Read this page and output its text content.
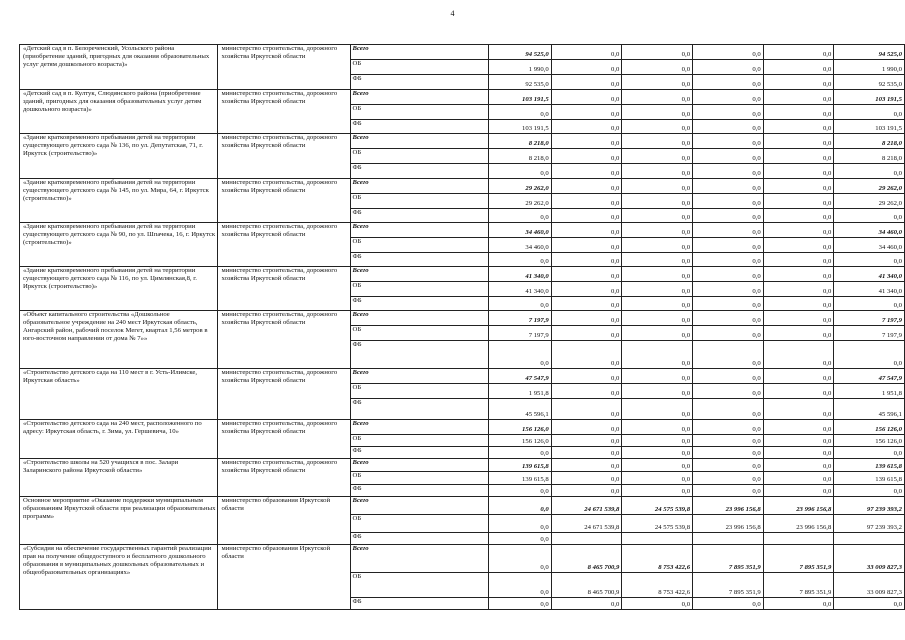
4
«Детский сад в п. Белореченский, Усольского района (приобретение зданий, пригодных для оказания образовательных услуг детям дошкольного возраста)»	министерство строительства, дорожного хозяйства Иркутской области	Всего	94 525,0	0,0	0,0	0,0	0,0	94 525,0
		ОБ	1 990,0	0,0	0,0	0,0	0,0	1 990,0
		ФБ	92 535,0	0,0	0,0	0,0	0,0	92 535,0
«Детский сад в п. Култук, Слюдянского района (приобретение зданий, пригодных для оказания образовательных услуг детям дошкольного возраста)»	министерство строительства, дорожного хозяйства Иркутской области	Всего	103 191,5	0,0	0,0	0,0	0,0	103 191,5
		ОБ	0,0	0,0	0,0	0,0	0,0	0,0
		ФБ	103 191,5	0,0	0,0	0,0	0,0	103 191,5
«Здание кратковременного пребывания детей на территории существующего детского сада № 136, по ул. Депутатская, 71, г. Иркутск (строительство)»	министерство строительства, дорожного хозяйства Иркутской области	Всего	8 218,0	0,0	0,0	0,0	0,0	8 218,0
		ОБ	8 218,0	0,0	0,0	0,0	0,0	8 218,0
		ФБ	0,0	0,0	0,0	0,0	0,0	0,0
«Здание кратковременного пребывания детей на территории существующего детского сада № 145, по ул. Мира, 64, г. Иркутск (строительство)»	министерство строительства, дорожного хозяйства Иркутской области	Всего	29 262,0	0,0	0,0	0,0	0,0	29 262,0
		ОБ	29 262,0	0,0	0,0	0,0	0,0	29 262,0
		ФБ	0,0	0,0	0,0	0,0	0,0	0,0
«Здание кратковременного пребывания детей на территории существующего детского сада № 90, по ул. Шпачека, 16, г. Иркутск (строительство)»	министерство строительства, дорожного хозяйства Иркутской области	Всего	34 460,0	0,0	0,0	0,0	0,0	34 460,0
		ОБ	34 460,0	0,0	0,0	0,0	0,0	34 460,0
		ФБ	0,0	0,0	0,0	0,0	0,0	0,0
«Здание кратковременного пребывания детей на территории существующего детского сада № 116, по ул. Цимлянская,8, г. Иркутск (строительство)»	министерство строительства, дорожного хозяйства Иркутской области	Всего	41 340,0	0,0	0,0	0,0	0,0	41 340,0
		ОБ	41 340,0	0,0	0,0	0,0	0,0	41 340,0
		ФБ	0,0	0,0	0,0	0,0	0,0	0,0
«Объект капитального строительства «Дошкольное образовательное учреждение на 240 мест Иркутская область, Ангарский район, рабочий поселок Мегет, квартал 1,56 метров в юго-восточном направлении от дома № 7»»	министерство строительства, дорожного хозяйства Иркутской области	Всего	7 197,9	0,0	0,0	0,0	0,0	7 197,9
		ОБ	7 197,9	0,0	0,0	0,0	0,0	7 197,9
		ФБ	0,0	0,0	0,0	0,0	0,0	0,0
«Строительство детского сада на 110 мест в г. Усть-Илимске, Иркутская область»	министерство строительства, дорожного хозяйства Иркутской области	Всего	47 547,9	0,0	0,0	0,0	0,0	47 547,9
		ОБ	1 951,8	0,0	0,0	0,0	0,0	1 951,8
		ФБ	45 596,1	0,0	0,0	0,0	0,0	45 596,1
«Строительство детского сада на 240 мест, расположенного по адресу: Иркутская область, г. Зима, ул. Гершевича, 10»	министерство строительства, дорожного хозяйства Иркутской области	Всего	156 126,0	0,0	0,0	0,0	0,0	156 126,0
		ОБ	156 126,0	0,0	0,0	0,0	0,0	156 126,0
		ФБ	0,0	0,0	0,0	0,0	0,0	0,0
«Строительство школы на 520 учащихся в пос. Залари Заларинского района Иркутской области»	министерство строительства, дорожного хозяйства Иркутской области	Всего	139 615,8	0,0	0,0	0,0	0,0	139 615,8
		ОБ	139 615,8	0,0	0,0	0,0	0,0	139 615,8
		ФБ	0,0	0,0	0,0	0,0	0,0	0,0
Основное мероприятие «Оказание поддержки муниципальным образованиям Иркутской области при реализации образовательных программ»	министерство образования Иркутской области	Всего	0,0	24 671 539,8	24 575 539,8	23 996 156,8	23 996 156,8	97 239 393,2
		ОБ	0,0	24 671 539,8	24 575 539,8	23 996 156,8	23 996 156,8	97 239 393,2
		ФБ	0,0					
«Субсидия на обеспечение государственных гарантий реализации прав на получение общедоступного и бесплатного дошкольного образования в муниципальных дошкольных образовательных и общеобразовательных организациях»	министерство образования Иркутской области	Всего	0,0	8 465 700,9	8 753 422,6	7 895 351,9	7 895 351,9	33 009 827,3
		ОБ	0,0	8 465 700,9	8 753 422,6	7 895 351,9	7 895 351,9	33 009 827,3
		ФБ	0,0	0,0	0,0	0,0	0,0	0,0
